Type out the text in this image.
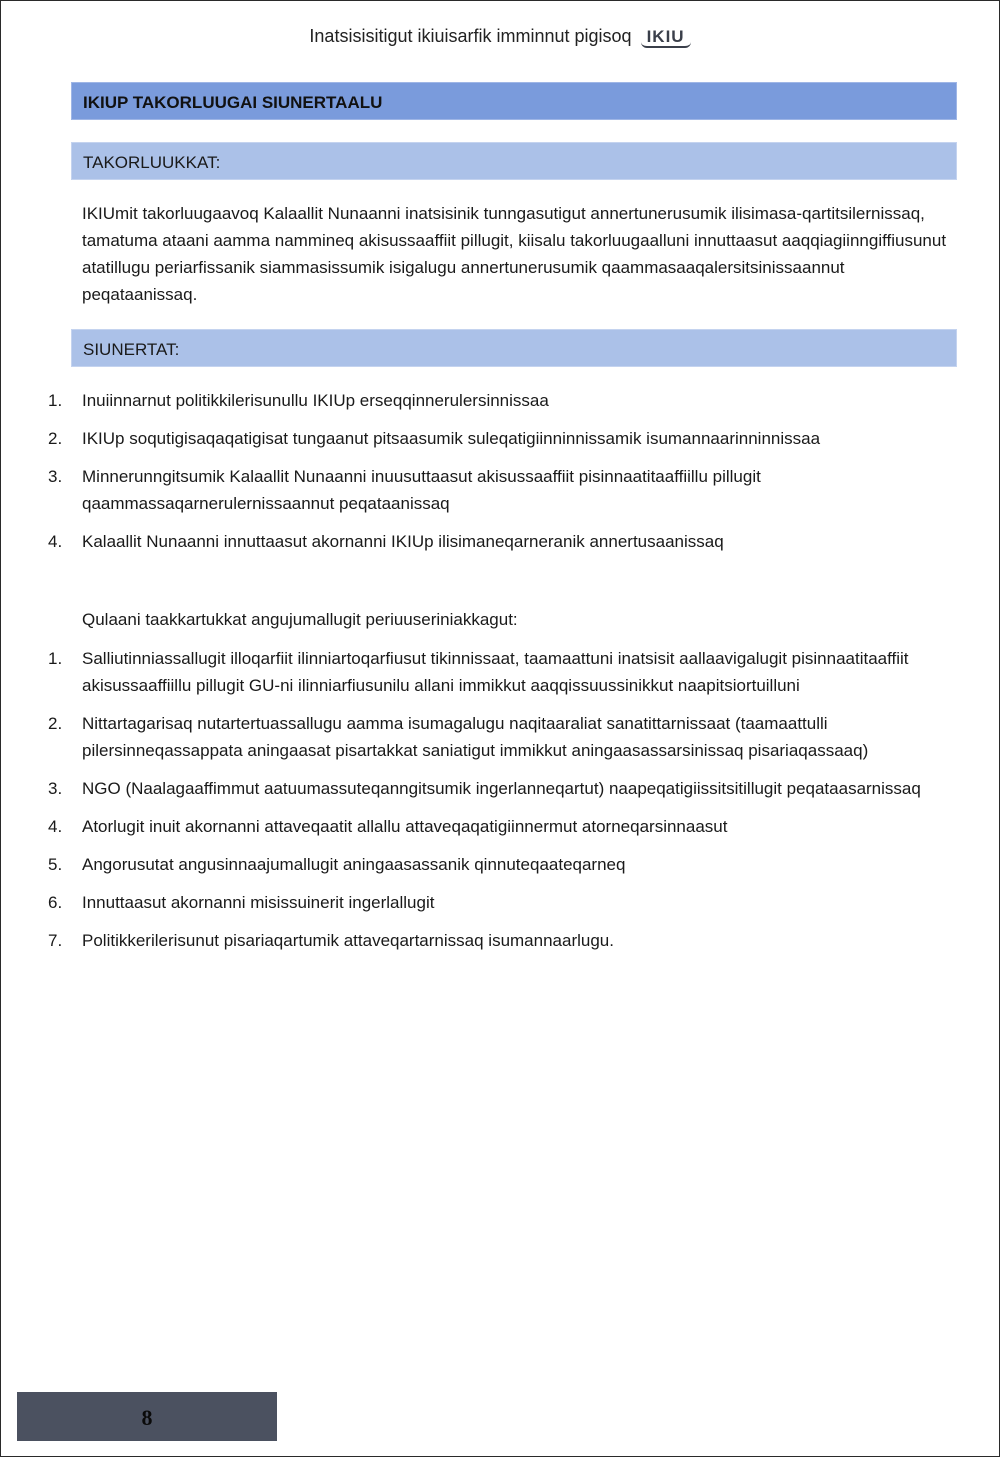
Inatsisisitigut ikiuisarfik imminnut pigisoq IKIU
IKIUP TAKORLUUGAI SIUNERTAALU
TAKORLUUKKAT:
IKIUmit takorluugaavoq Kalaallit Nunaanni inatsisinik tunngasutigut annertunerusumik ilisimasa-qartitsilernissaq, tamatuma ataani aamma nammineq akisussaaffiit pillugit, kiisalu takorluugaalluni innuttaasut aaqqiagiinngiffiusunut atatillugu periarfissanik siammasissumik isigalugu annertunerusumik qaammasaaqalersitsinissaannut peqataanissaq.
SIUNERTAT:
1. Inuiinnarnut politikkilerisunullu IKIUp erseqqinnerulersinnissaa
2. IKIUp soqutigisaqaqatigisat tungaanut pitsaasumik suleqatigiinninnissamik isumannaarinninnissaa
3. Minnerunngitsumik Kalaallit Nunaanni inuusuttaasut akisussaaffiit pisinnaatitaaffiillu pillugit qaammassaqarnerulernissaannut peqataanissaq
4. Kalaallit Nunaanni innuttaasut akornanni IKIUp ilisimaneqarneranik annertusaanissaq
Qulaani taakkartukkat angujumallugit periuuseriniakkagut:
1. Salliutinniassallugit illoqarfiit ilinniartoqarfiusut tikinnissaat, taamaattuni inatsisit aallaavigalugit pisinnaatitaaffiit akisussaaffiillu pillugit GU-ni ilinniarfiusunilu allani immikkut aaqqissuussinikkut naapitsiortuilluni
2. Nittartagarisaq nutartertuassallugu aamma isumagalugu naqitaaraliat sanatittarnissaat (taamaattulli pilersinneqassappata aningaasat pisartakkat saniatigut immikkut aningaasassarsinissaq pisariaqassaaq)
3. NGO (Naalagaaffimmut aatuumassuteqanngitsumik ingerlanneqartut) naapeqatigiissitsitillugit peqataasarnissaq
4. Atorlugit inuit akornanni attaveqaatit allallu attaveqaqatigiinnermut atorneqarsinnaasut
5. Angorusutat angusinnaajumallugit aningaasassanik qinnuteqaateqarneq
6. Innuttaasut akornanni misissuinerit ingerlallugit
7. Politikkerilerisunut pisariaqartumik attaveqartarnissaq isumannaarlugu.
8
